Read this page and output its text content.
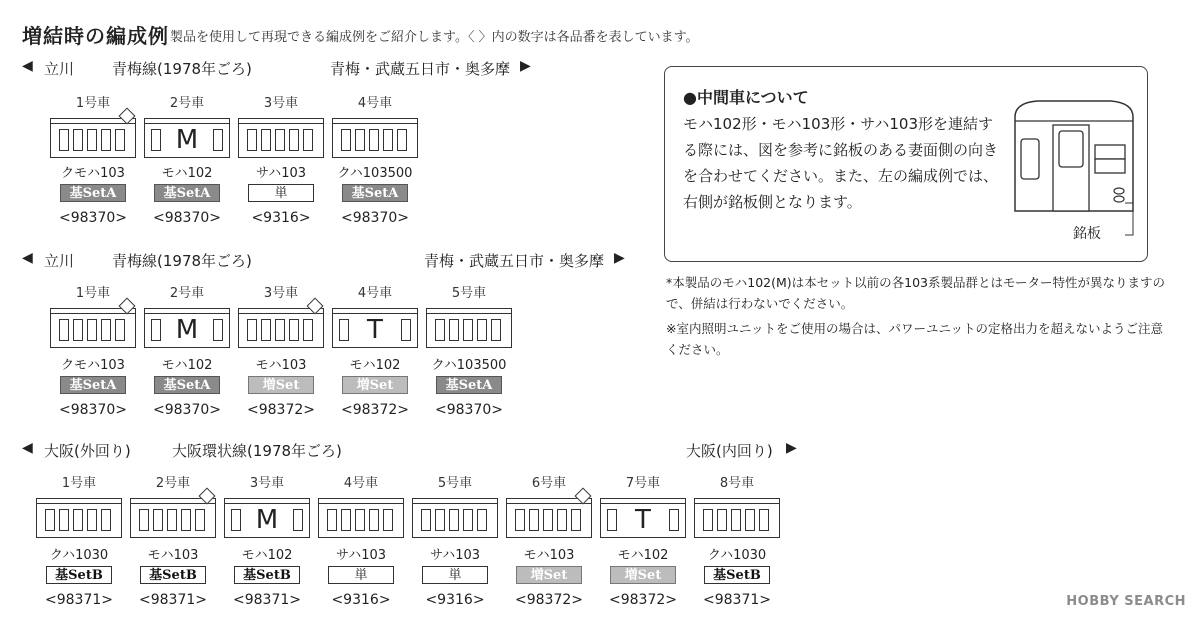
増結時の編成例 製品を使用して再現できる編成例をご紹介します。〈 〉内の数字は各品番を表しています。
◀ 立川	青梅線(1978年ごろ)	青梅・武蔵五日市・奥多摩 ▶
1号車
クモハ103
基SetA
<98370>
2号車
M
モハ102
基SetA
<98370>
3号車
サハ103
単
<9316>
4号車
クハ103500
基SetA
<98370>
◀ 立川	青梅線(1978年ごろ)	青梅・武蔵五日市・奥多摩 ▶
1号車
クモハ103
基SetA
<98370>
2号車
M
モハ102
基SetA
<98370>
3号車
モハ103
増Set
<98372>
4号車
T
モハ102
増Set
<98372>
5号車
クハ103500
基SetA
<98370>
◀ 大阪(外回り)	大阪環状線(1978年ごろ)	大阪(内回り) ▶
1号車
クハ1030
基SetB
<98371>
2号車
モハ103
基SetB
<98371>
3号車
M
モハ102
基SetB
<98371>
4号車
サハ103
単
<9316>
5号車
サハ103
単
<9316>
6号車
モハ103
増Set
<98372>
7号車
T
モハ102
増Set
<98372>
8号車
クハ1030
基SetB
<98371>
●中間車について
モハ102形・モハ103形・サハ103形を連結する際には、図を参考に銘板のある妻面側の向きを合わせてください。また、左の編成例では、右側が銘板側となります。
銘板
*本製品のモハ102(M)は本セット以前の各103系製品群とはモーター特性が異なりますので、併結は行わないでください。
※室内照明ユニットをご使用の場合は、パワーユニットの定格出力を超えないようご注意ください。
HOBBY SEARCH
